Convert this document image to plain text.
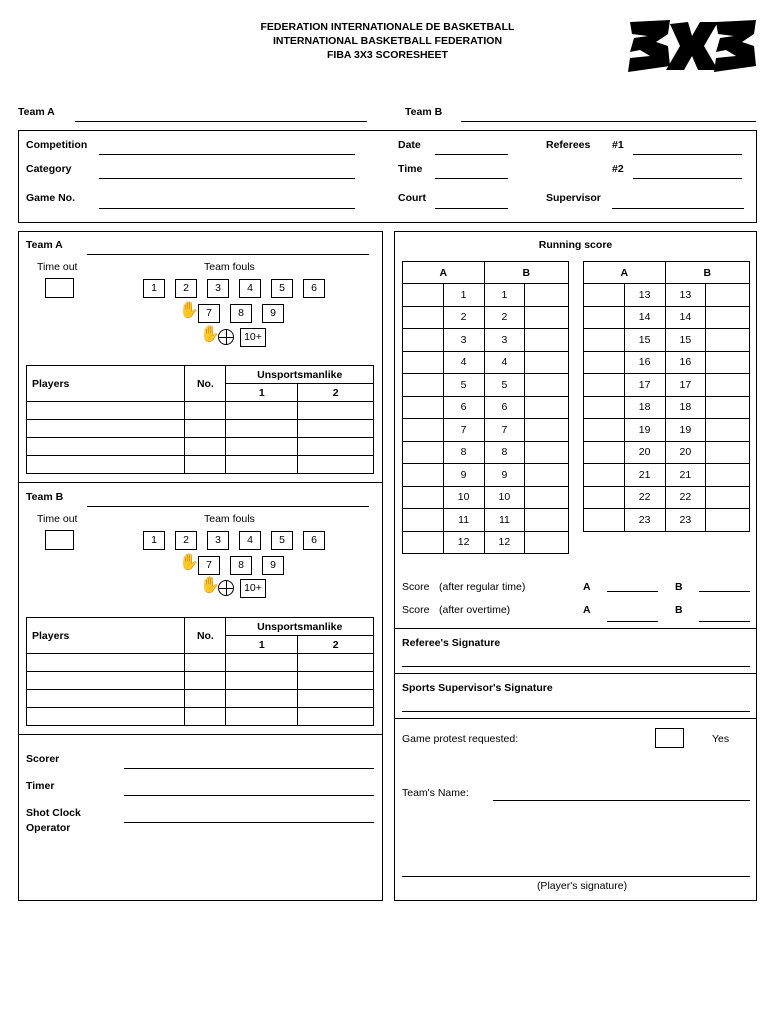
FEDERATION INTERNATIONALE DE BASKETBALL
INTERNATIONAL BASKETBALL FEDERATION
FIBA 3X3 SCORESHEET
Team A	Team B
Competition
Category
Game No.
Date
Time
Court
Referees #1
#2
Supervisor
Team A
Time out	Team fouls
1	2	3	4	5	6
✋ 7	8	9
✋	10+
Players	No.	Unsportsmanlike	
		1	2

Team B
Time out	Team fouls
1	2	3	4	5	6
✋ 7	8	9
✋	10+
Players	No.	Unsportsmanlike	
		1	2

Scorer
Timer
Shot Clock
Operator
Running score
A		B	
	1	1	
	2	2	
	3	3	
	4	4	
	5	5	
	6	6	
	7	7	
	8	8	
	9	9	
	10	10	
	11	11	
	12	12	
A		B	
	13	13	
	14	14	
	15	15	
	16	16	
	17	17	
	18	18	
	19	19	
	20	20	
	21	21	
	22	22	
	23	23	
Score (after regular time)	A	B
Score (after overtime)	A	B
Referee's Signature
Sports Supervisor's Signature
Game protest requested:	Yes
Team's Name:
(Player's signature)
